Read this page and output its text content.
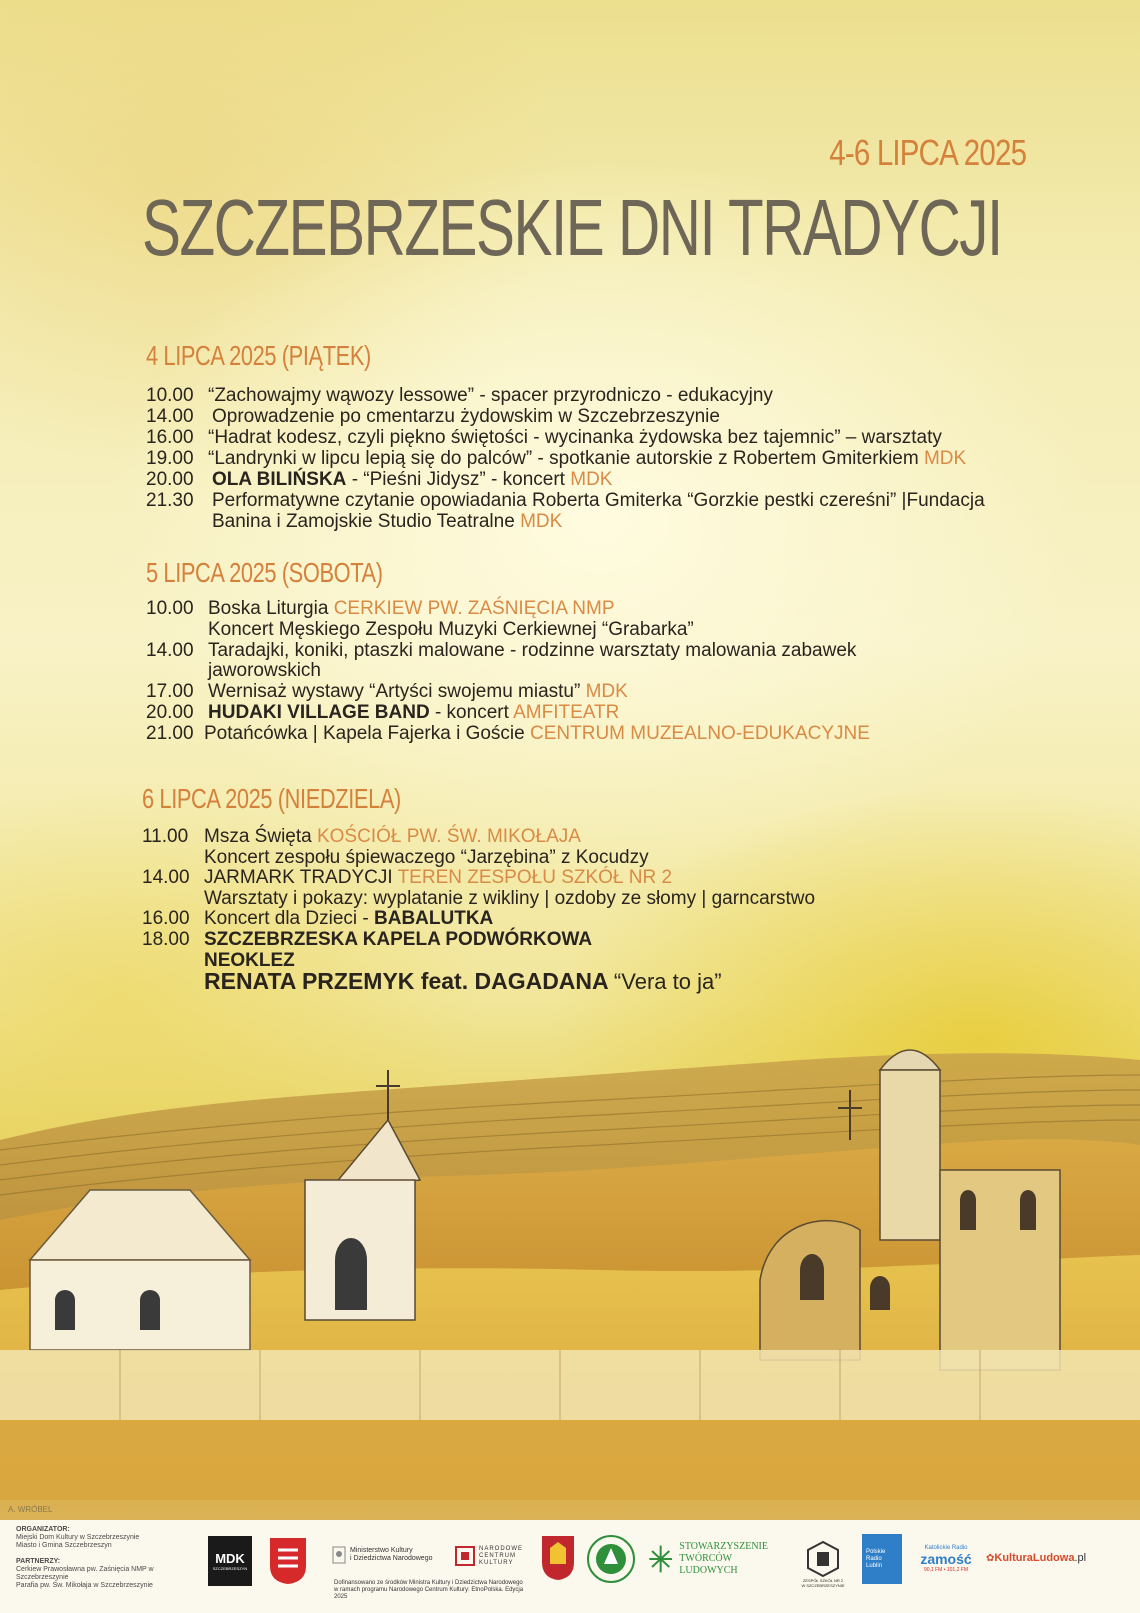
4-6 LIPCA 2025
SZCZEBRZESKIE DNI TRADYCJI
4 LIPCA 2025 (PIĄTEK)
10.00 “Zachowajmy wąwozy lessowe” - spacer przyrodniczo - edukacyjny
14.00 Oprowadzenie po cmentarzu żydowskim w Szczebrzeszynie
16.00 “Hadrat kodesz, czyli piękno świętości - wycinanka żydowska bez tajemnic” – warsztaty
19.00 “Landrynki w lipcu lepią się do palców” - spotkanie autorskie z Robertem Gmiterkiem MDK
20.00 OLA BILIŃSKA - “Pieśni Jidysz” - koncert MDK
21.30 Performatywne czytanie opowiadania Roberta Gmiterka “Gorzkie pestki czereśni” |Fundacja
Banina i Zamojskie Studio Teatralne MDK
5 LIPCA 2025 (SOBOTA)
10.00 Boska Liturgia CERKIEW PW. ZAŚNIĘCIA NMP
Koncert Męskiego Zespołu Muzyki Cerkiewnej “Grabarka”
14.00 Taradajki, koniki, ptaszki malowane - rodzinne warsztaty malowania zabawek
jaworowskich
17.00 Wernisaż wystawy “Artyści swojemu miastu” MDK
20.00 HUDAKI VILLAGE BAND - koncert AMFITEATR
21.00 Potańcówka | Kapela Fajerka i Goście CENTRUM MUZEALNO-EDUKACYJNE
6 LIPCA 2025 (NIEDZIELA)
11.00 Msza Święta KOŚCIÓŁ PW. ŚW. MIKOŁAJA
Koncert zespołu śpiewaczego “Jarzębina” z Kocudzy
14.00 JARMARK TRADYCJI TEREN ZESPOŁU SZKÓŁ NR 2
Warsztaty i pokazy: wyplatanie z wikliny | ozdoby ze słomy | garncarstwo
16.00 Koncert dla Dzieci - BABALUTKA
18.00 SZCZEBRZESKA KAPELA PODWÓRKOWA
NEOKLEZ
RENATA PRZEMYK feat. DAGADANA “Vera to ja”
A. WRÓBEL
ORGANIZATOR:
Miejski Dom Kultury w Szczebrzeszynie
Miasto i Gmina Szczebrzeszyn
PARTNERZY:
Cerkiew Prawosławna pw. Zaśnięcia NMP w Szczebrzeszynie
Parafia pw. Św. Mikołaja w Szczebrzeszynie
MDK
SZCZEBRZESZYN
Ministerstwo Kultury
i Dziedzictwa Narodowego
Dofinansowano ze środków Ministra Kultury i Dziedzictwa Narodowego
w ramach programu Narodowego Centrum Kultury: EtnoPolska. Edycja 2025
NARODOWE
CENTRUM
KULTURY
STOWARZYSZENIE
TWÓRCÓW
LUDOWYCH
ZESPÓŁ SZKÓŁ NR 2
W SZCZEBRZESZYNIE
Polskie
Radio
Lublin
Katolickie Radio
zamość
90,1 FM • 101,2 FM
✿ KulturaLudowa .pl
